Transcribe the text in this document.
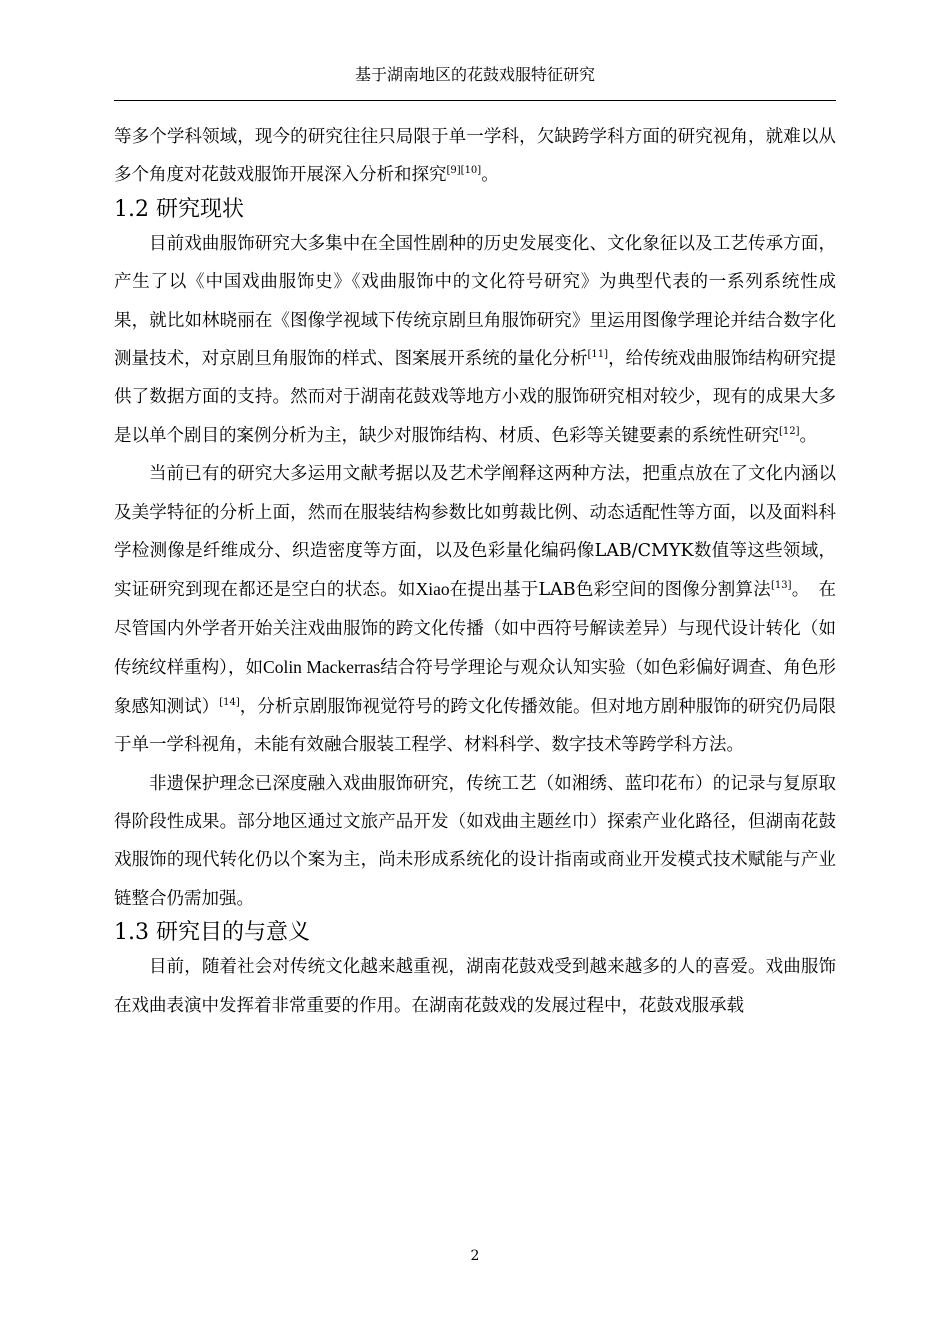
基于湖南地区的花鼓戏服特征研究

等多个学科领域，现今的研究往往只局限于单一学科，欠缺跨学科方面的研究视角，就难以从多个角度对花鼓戏服饰开展深入分析和探究[9][10]。

1.2 研究现状

目前戏曲服饰研究大多集中在全国性剧种的历史发展变化、文化象征以及工艺传承方面，产生了以《中国戏曲服饰史》《戏曲服饰中的文化符号研究》为典型代表的一系列系统性成果，就比如林晓丽在《图像学视域下传统京剧旦角服饰研究》里运用图像学理论并结合数字化测量技术，对京剧旦角服饰的样式、图案展开系统的量化分析[11]，给传统戏曲服饰结构研究提供了数据方面的支持。然而对于湖南花鼓戏等地方小戏的服饰研究相对较少，现有的成果大多是以单个剧目的案例分析为主，缺少对服饰结构、材质、色彩等关键要素的系统性研究[12]。

当前已有的研究大多运用文献考据以及艺术学阐释这两种方法，把重点放在了文化内涵以及美学特征的分析上面，然而在服装结构参数比如剪裁比例、动态适配性等方面，以及面料科学检测像是纤维成分、织造密度等方面，以及色彩量化编码像LAB/CMYK数值等这些领域，实证研究到现在都还是空白的状态。如Xiao在提出基于LAB色彩空间的图像分割算法[13]。　在尽管国内外学者开始关注戏曲服饰的跨文化传播（如中西符号解读差异）与现代设计转化（如传统纹样重构），如Colin Mackerras结合符号学理论与观众认知实验（如色彩偏好调查、角色形象感知测试）[14]，分析京剧服饰视觉符号的跨文化传播效能。但对地方剧种服饰的研究仍局限于单一学科视角，未能有效融合服装工程学、材料科学、数字技术等跨学科方法。

非遗保护理念已深度融入戏曲服饰研究，传统工艺（如湘绣、蓝印花布）的记录与复原取得阶段性成果。部分地区通过文旅产品开发（如戏曲主题丝巾）探索产业化路径，但湖南花鼓戏服饰的现代转化仍以个案为主，尚未形成系统化的设计指南或商业开发模式技术赋能与产业链整合仍需加强。

1.3 研究目的与意义

目前，随着社会对传统文化越来越重视，湖南花鼓戏受到越来越多的人的喜爱。戏曲服饰在戏曲表演中发挥着非常重要的作用。在湖南花鼓戏的发展过程中，花鼓戏服承载

2
